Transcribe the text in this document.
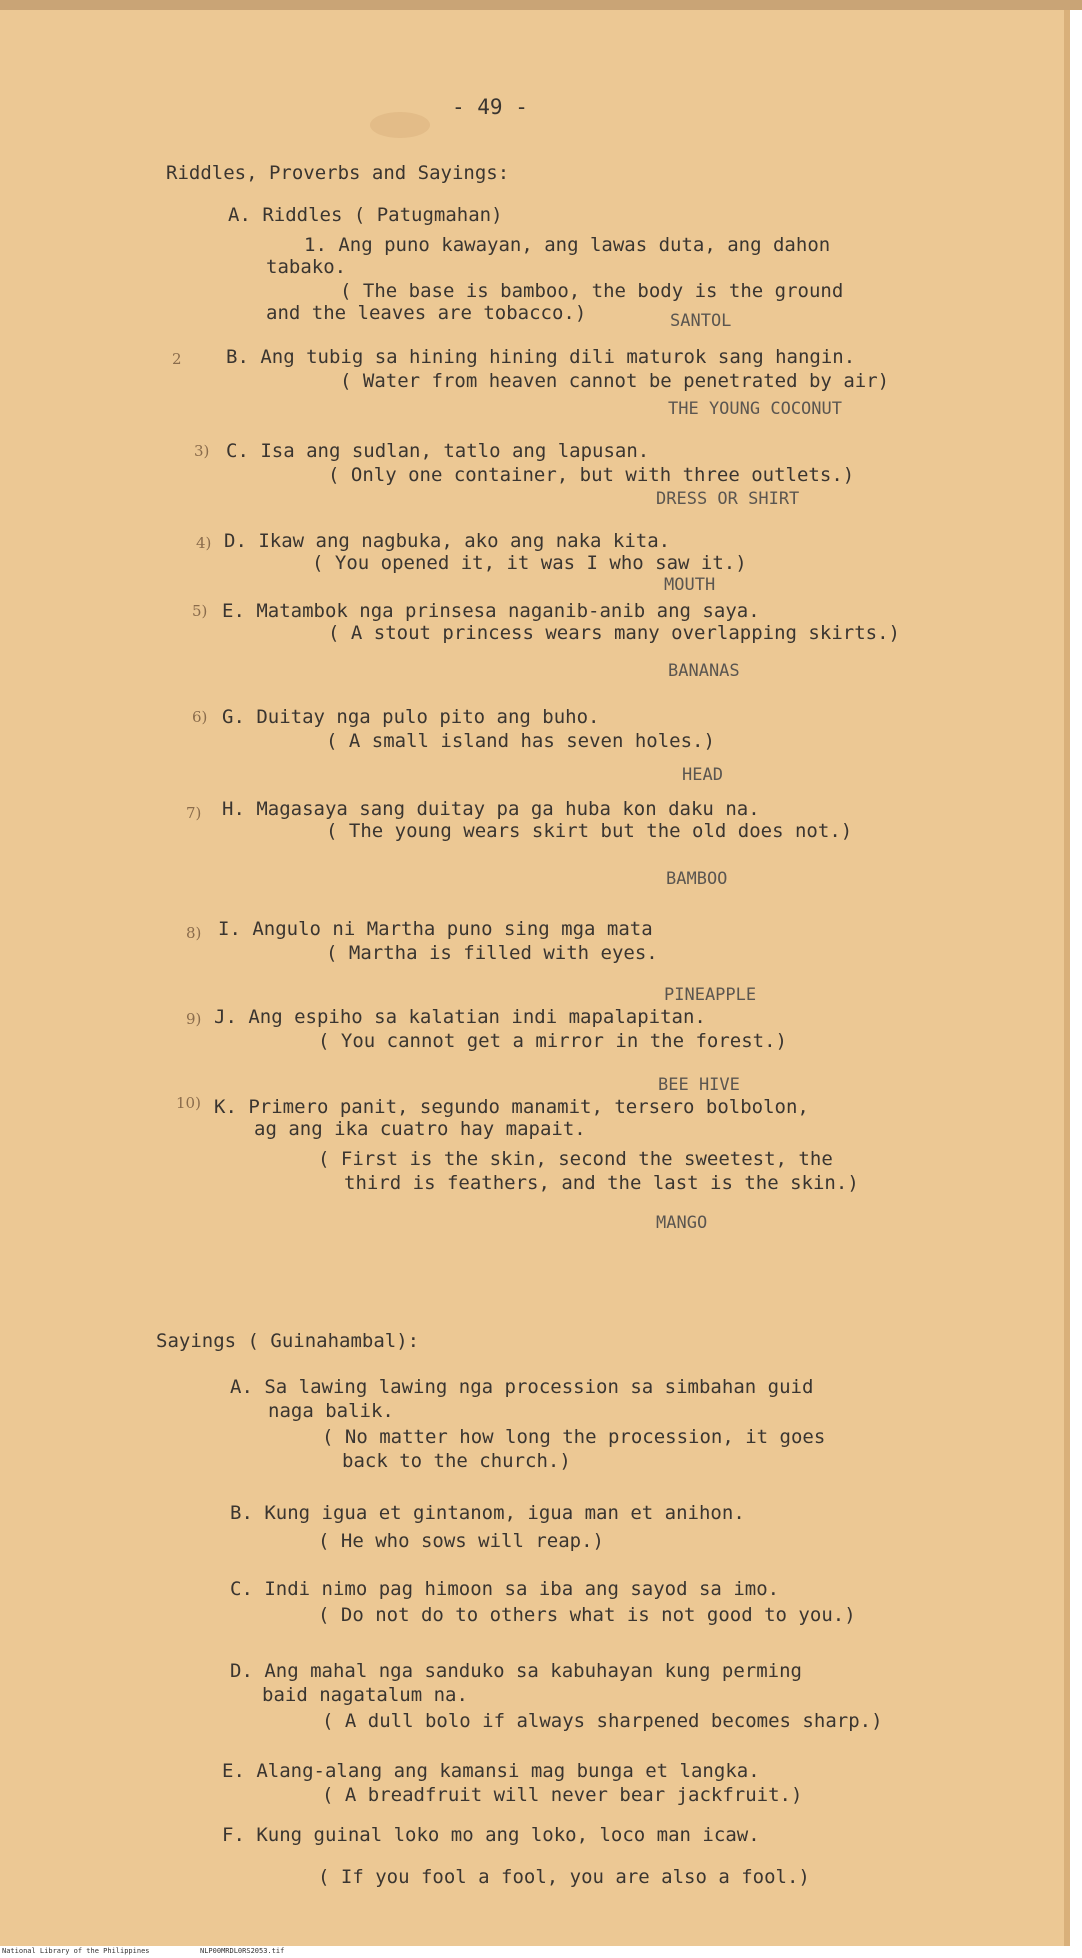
- 49 -
Riddles, Proverbs and Sayings:
A. Riddles ( Patugmahan)
1. Ang puno kawayan, ang lawas duta, ang dahon
tabako.
( The base is bamboo, the body is the ground
and the leaves are tobacco.)	SANTOL
2 B. Ang tubig sa hining hining dili maturok sang hangin.
( Water from heaven cannot be penetrated by air)
THE YOUNG COCONUT
3) C. Isa ang sudlan, tatlo ang lapusan.
( Only one container, but with three outlets.)
DRESS OR SHIRT
4) D. Ikaw ang nagbuka, ako ang naka kita.
( You opened it, it was I who saw it.)
MOUTH
5) E. Matambok nga prinsesa naganib-anib ang saya.
( A stout princess wears many overlapping skirts.)
BANANAS
6) G. Duitay nga pulo pito ang buho.
( A small island has seven holes.)
HEAD
7) H. Magasaya sang duitay pa ga huba kon daku na.
( The young wears skirt but the old does not.)
BAMBOO
8) I. Angulo ni Martha puno sing mga mata
( Martha is filled with eyes.
PINEAPPLE
9) J. Ang espiho sa kalatian indi mapalapitan.
( You cannot get a mirror in the forest.)
BEE HIVE
10) K. Primero panit, segundo manamit, tersero bolbolon,
ag ang ika cuatro hay mapait.
( First is the skin, second the sweetest, the
third is feathers, and the last is the skin.)
MANGO
Sayings ( Guinahambal):
A. Sa lawing lawing nga procession sa simbahan guid
naga balik.
( No matter how long the procession, it goes
back to the church.)
B. Kung igua et gintanom, igua man et anihon.
( He who sows will reap.)
C. Indi nimo pag himoon sa iba ang sayod sa imo.
( Do not do to others what is not good to you.)
D. Ang mahal nga sanduko sa kabuhayan kung perming
baid nagatalum na.
( A dull bolo if always sharpened becomes sharp.)
E. Alang-alang ang kamansi mag bunga et langka.
( A breadfruit will never bear jackfruit.)
F. Kung guinal loko mo ang loko, loco man icaw.
( If you fool a fool, you are also a fool.)
National Library of the Philippines	NLP00MRDL0RS2053.tif
